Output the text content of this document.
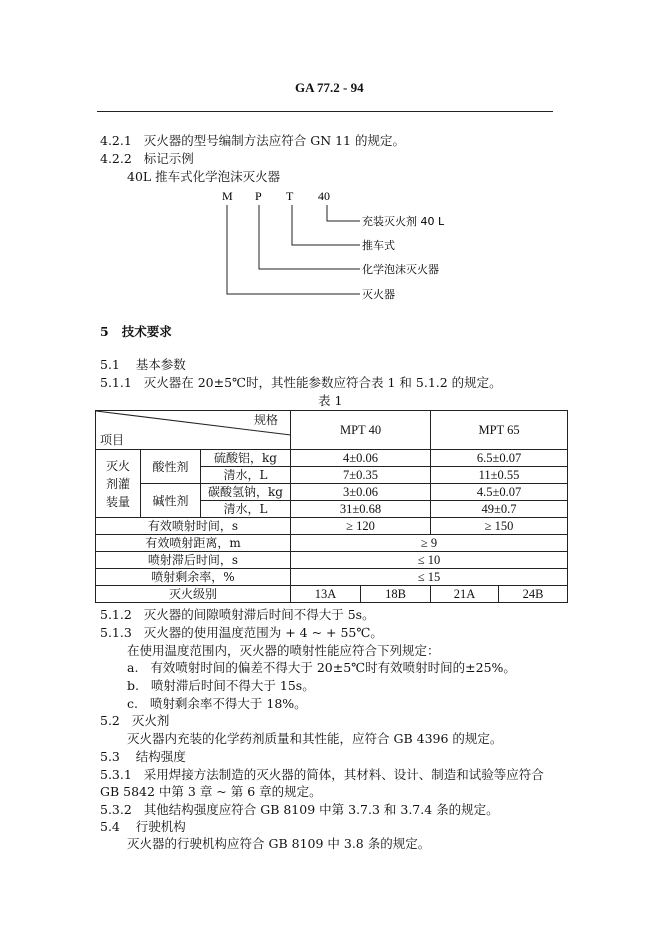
GA 77.2 - 94
4.2.1 灭火器的型号编制方法应符合 GN 11 的规定。
4.2.2 标记示例
40L 推车式化学泡沫灭火器
M P T 40
充装灭火剂 40 L
推车式
化学泡沫灭火器
灭火器
5 技术要求
5.1 基本参数
5.1.1 灭火器在 20±5℃时，其性能参数应符合表 1 和 5.1.2 的规定。
表 1
规格
项目			MPT 40		MPT 65	

灭火
剂灌
装量	酸性剂	硫酸铝，kg	4±0.06		6.5±0.07	
		清水，L	7±0.35		11±0.55	
	碱性剂	碳酸氢钠，kg	3±0.06		4.5±0.07	
		清水，L	31±0.68		49±0.7	
有效喷射时间，s			≥ 120		≥ 150	
有效喷射距离，m			≥ 9			
喷射滞后时间，s			≤ 10			
喷射剩余率，%			≤ 15			
灭火级别			13A	18B	21A	24B
5.1.2 灭火器的间隙喷射滞后时间不得大于 5s。
5.1.3 灭火器的使用温度范围为 + 4 ~ + 55℃。
在使用温度范围内，灭火器的喷射性能应符合下列规定：
a. 有效喷射时间的偏差不得大于 20±5℃时有效喷射时间的±25%。
b. 喷射滞后时间不得大于 15s。
c. 喷射剩余率不得大于 18%。
5.2 灭火剂
灭火器内充装的化学药剂质量和其性能，应符合 GB 4396 的规定。
5.3 结构强度
5.3.1 采用焊接方法制造的灭火器的简体，其材料、设计、制造和试验等应符合
GB 5842 中第 3 章 ~ 第 6 章的规定。
5.3.2 其他结构强度应符合 GB 8109 中第 3.7.3 和 3.7.4 条的规定。
5.4 行驶机构
灭火器的行驶机构应符合 GB 8109 中 3.8 条的规定。
